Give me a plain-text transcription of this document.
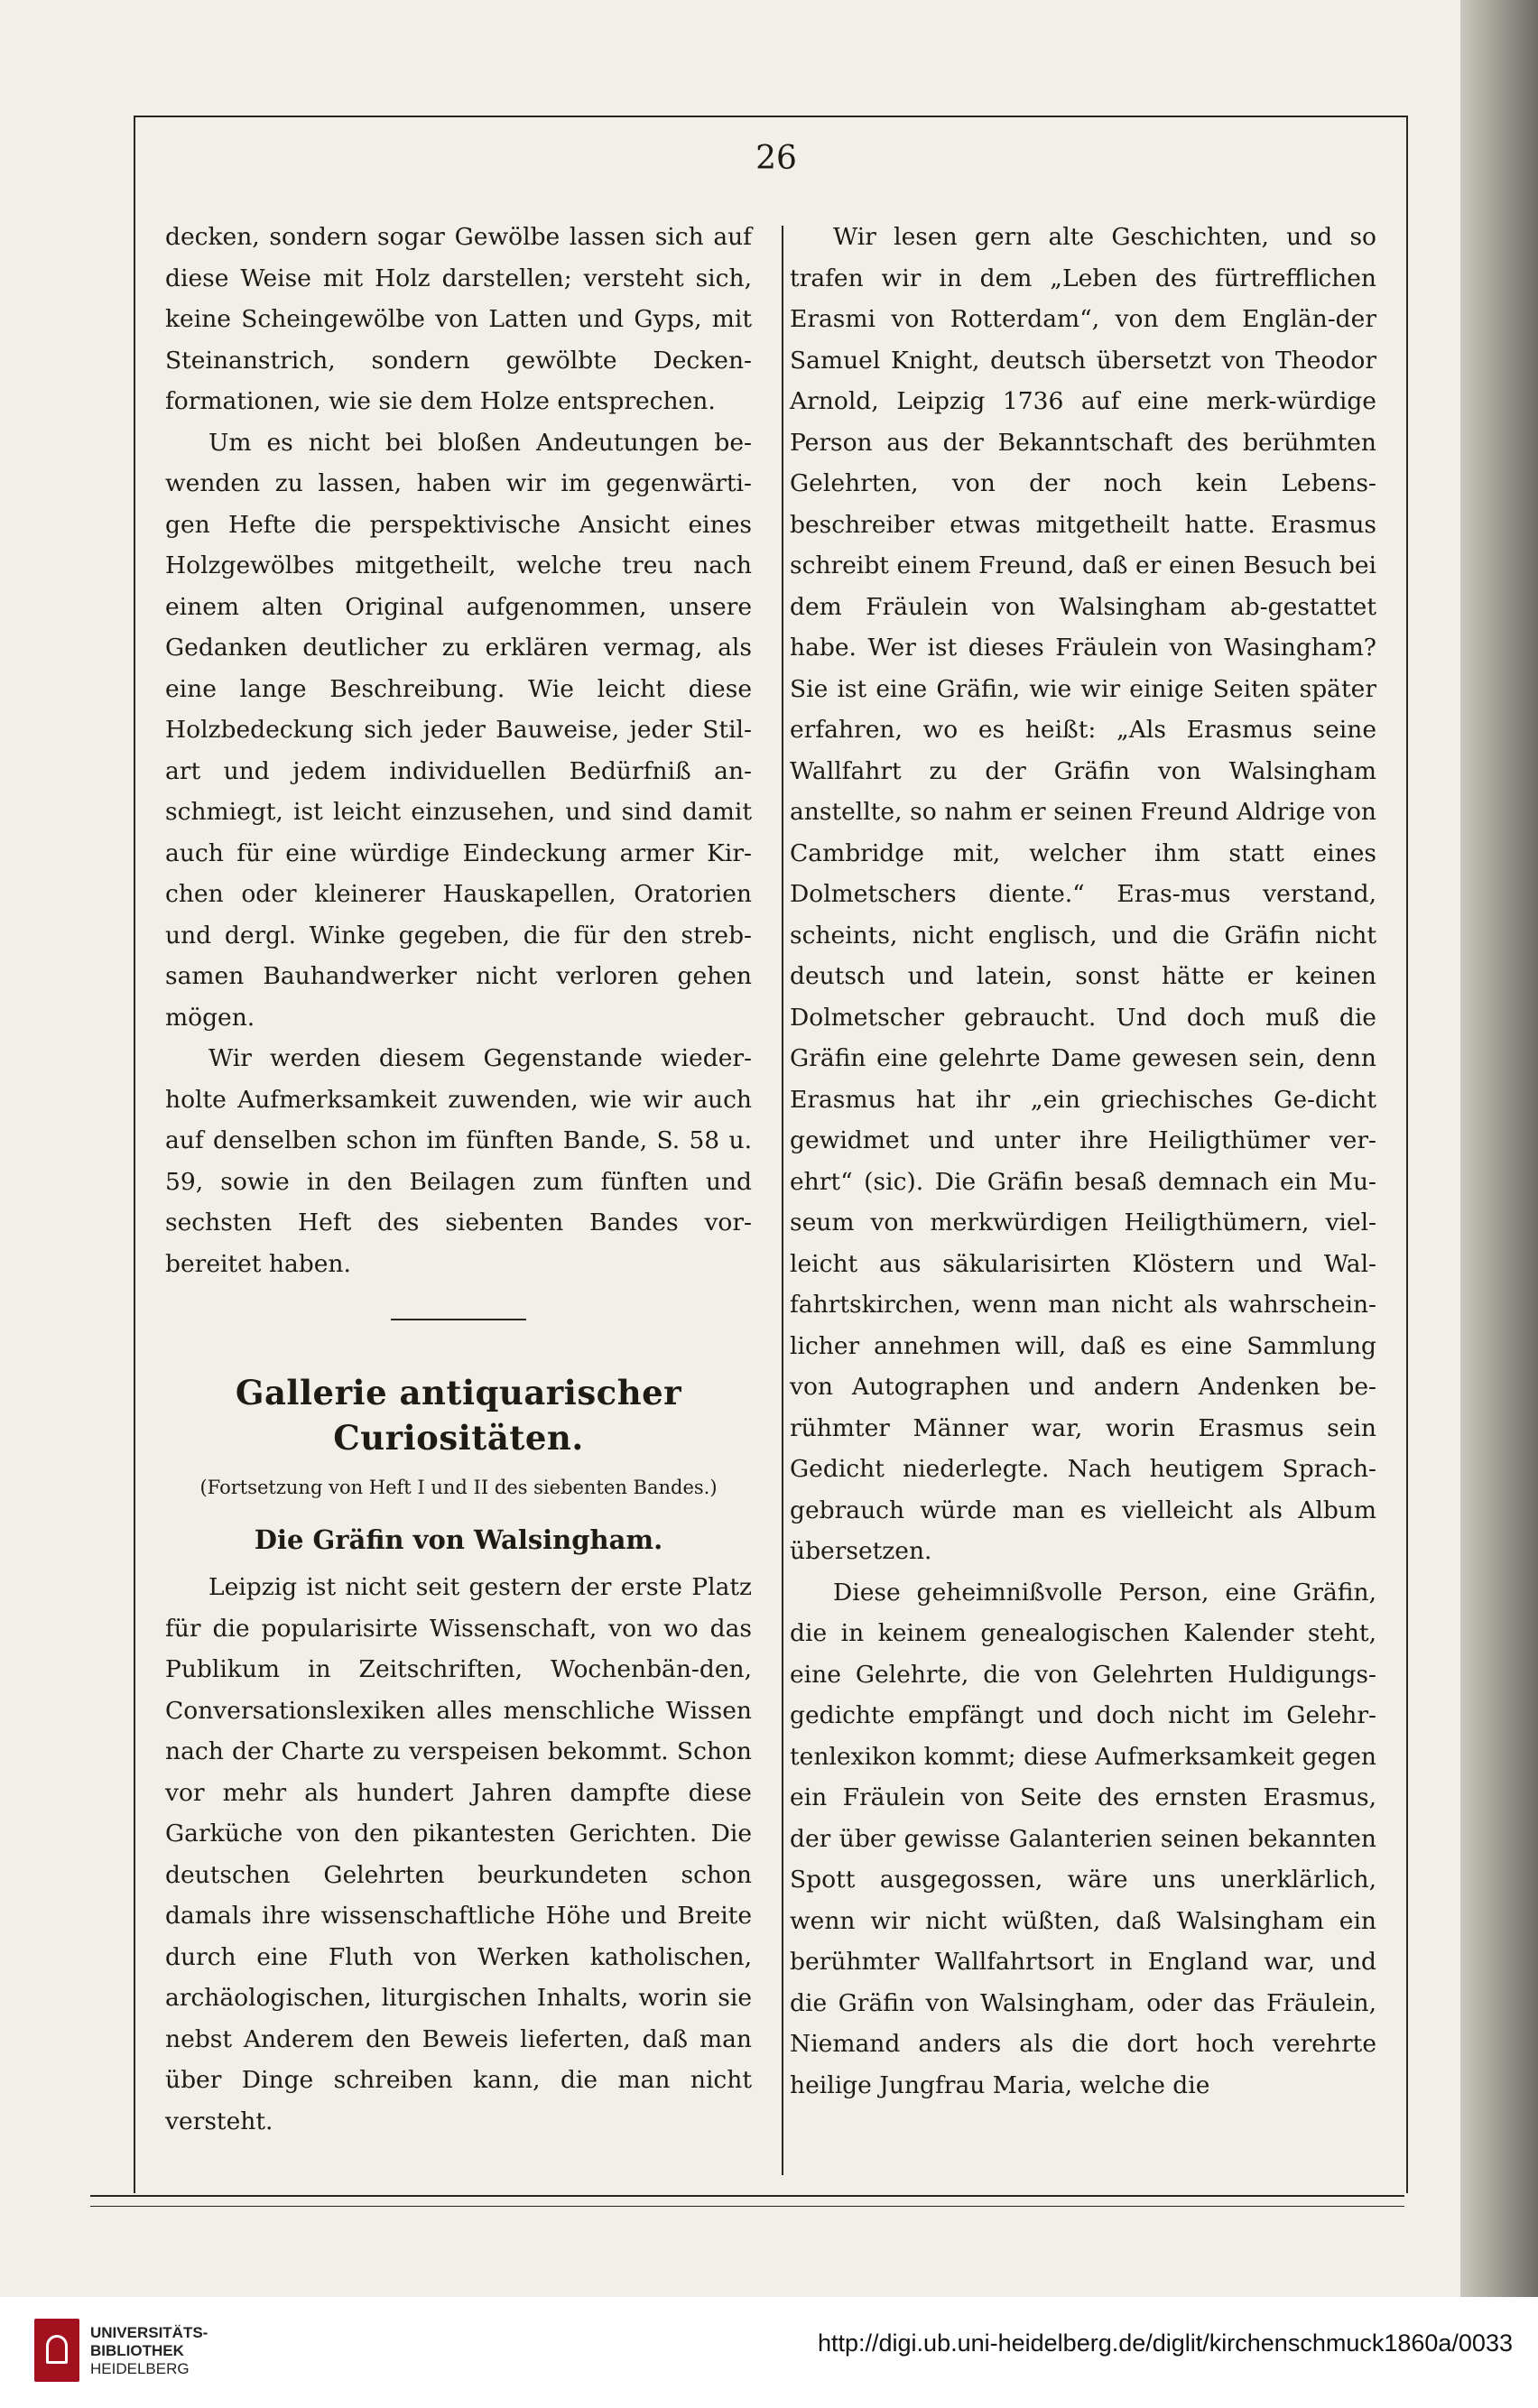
26

decken, sondern sogar Gewölbe lassen sich auf diese Weise mit Holz darstellen; versteht sich, keine Scheingewölbe von Latten und Gyps, mit Steinanstrich, sondern gewölbte Decken-formationen, wie sie dem Holze entsprechen.

Um es nicht bei bloßen Andeutungen be-wenden zu lassen, haben wir im gegenwärti-gen Hefte die perspektivische Ansicht eines Holzgewölbes mitgetheilt, welche treu nach einem alten Original aufgenommen, unsere Gedanken deutlicher zu erklären vermag, als eine lange Beschreibung. Wie leicht diese Holzbedeckung sich jeder Bauweise, jeder Stil-art und jedem individuellen Bedürfniß an-schmiegt, ist leicht einzusehen, und sind damit auch für eine würdige Eindeckung armer Kir-chen oder kleinerer Hauskapellen, Oratorien und dergl. Winke gegeben, die für den streb-samen Bauhandwerker nicht verloren gehen mögen.

Wir werden diesem Gegenstande wieder-holte Aufmerksamkeit zuwenden, wie wir auch auf denselben schon im fünften Bande, S. 58 u. 59, sowie in den Beilagen zum fünften und sechsten Heft des siebenten Bandes vor-bereitet haben.

Gallerie antiquarischer Curiositäten.
(Fortsetzung von Heft I und II des siebenten Bandes.)
Die Gräfin von Walsingham.

Leipzig ist nicht seit gestern der erste Platz für die popularisirte Wissenschaft, von wo das Publikum in Zeitschriften, Wochenbän-den, Conversationslexiken alles menschliche Wissen nach der Charte zu verspeisen bekommt. Schon vor mehr als hundert Jahren dampfte diese Garküche von den pikantesten Gerichten. Die deutschen Gelehrten beurkundeten schon damals ihre wissenschaftliche Höhe und Breite durch eine Fluth von Werken katholischen, archäologischen, liturgischen Inhalts, worin sie nebst Anderem den Beweis lieferten, daß man über Dinge schreiben kann, die man nicht versteht.

Wir lesen gern alte Geschichten, und so trafen wir in dem „Leben des fürtrefflichen Erasmi von Rotterdam“, von dem Englän-der Samuel Knight, deutsch übersetzt von Theodor Arnold, Leipzig 1736 auf eine merk-würdige Person aus der Bekanntschaft des berühmten Gelehrten, von der noch kein Lebens-beschreiber etwas mitgetheilt hatte. Erasmus schreibt einem Freund, daß er einen Besuch bei dem Fräulein von Walsingham ab-gestattet habe. Wer ist dieses Fräulein von Wasingham? Sie ist eine Gräfin, wie wir einige Seiten später erfahren, wo es heißt: „Als Erasmus seine Wallfahrt zu der Gräfin von Walsingham anstellte, so nahm er seinen Freund Aldrige von Cambridge mit, welcher ihm statt eines Dolmetschers diente.“ Eras-mus verstand, scheints, nicht englisch, und die Gräfin nicht deutsch und latein, sonst hätte er keinen Dolmetscher gebraucht. Und doch muß die Gräfin eine gelehrte Dame gewesen sein, denn Erasmus hat ihr „ein griechisches Ge-dicht gewidmet und unter ihre Heiligthümer ver-ehrt“ (sic). Die Gräfin besaß demnach ein Mu-seum von merkwürdigen Heiligthümern, viel-leicht aus säkularisirten Klöstern und Wal-fahrtskirchen, wenn man nicht als wahrschein-licher annehmen will, daß es eine Sammlung von Autographen und andern Andenken be-rühmter Männer war, worin Erasmus sein Gedicht niederlegte. Nach heutigem Sprach-gebrauch würde man es vielleicht als Album übersetzen.

Diese geheimnißvolle Person, eine Gräfin, die in keinem genealogischen Kalender steht, eine Gelehrte, die von Gelehrten Huldigungs-gedichte empfängt und doch nicht im Gelehr-tenlexikon kommt; diese Aufmerksamkeit gegen ein Fräulein von Seite des ernsten Erasmus, der über gewisse Galanterien seinen bekannten Spott ausgegossen, wäre uns unerklärlich, wenn wir nicht wüßten, daß Walsingham ein berühmter Wallfahrtsort in England war, und die Gräfin von Walsingham, oder das Fräulein, Niemand anders als die dort hoch verehrte heilige Jungfrau Maria, welche die

UNIVERSITÄTS-
BIBLIOTHEK
HEIDELBERG
http://digi.ub.uni-heidelberg.de/diglit/kirchenschmuck1860a/0033
